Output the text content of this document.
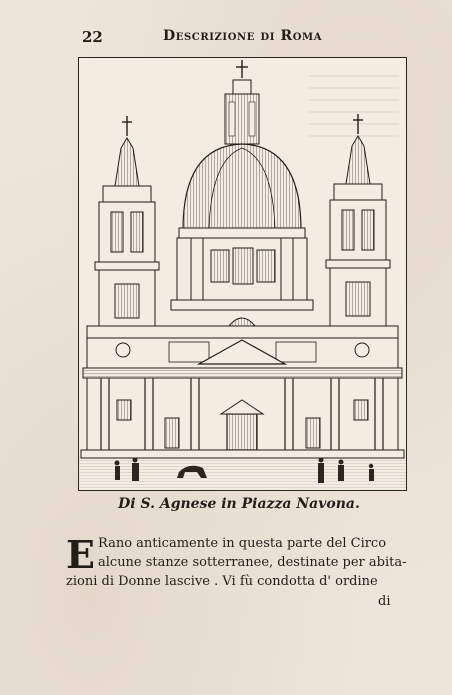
22	Descrizione di Roma
Di S. Agnese in Piazza Navona.
E Rano anticamente in questa parte del Circo
alcune stanze sotterranee, destinate per abita-
zioni di Donne lascive . Vi fù condotta d' ordine
di
